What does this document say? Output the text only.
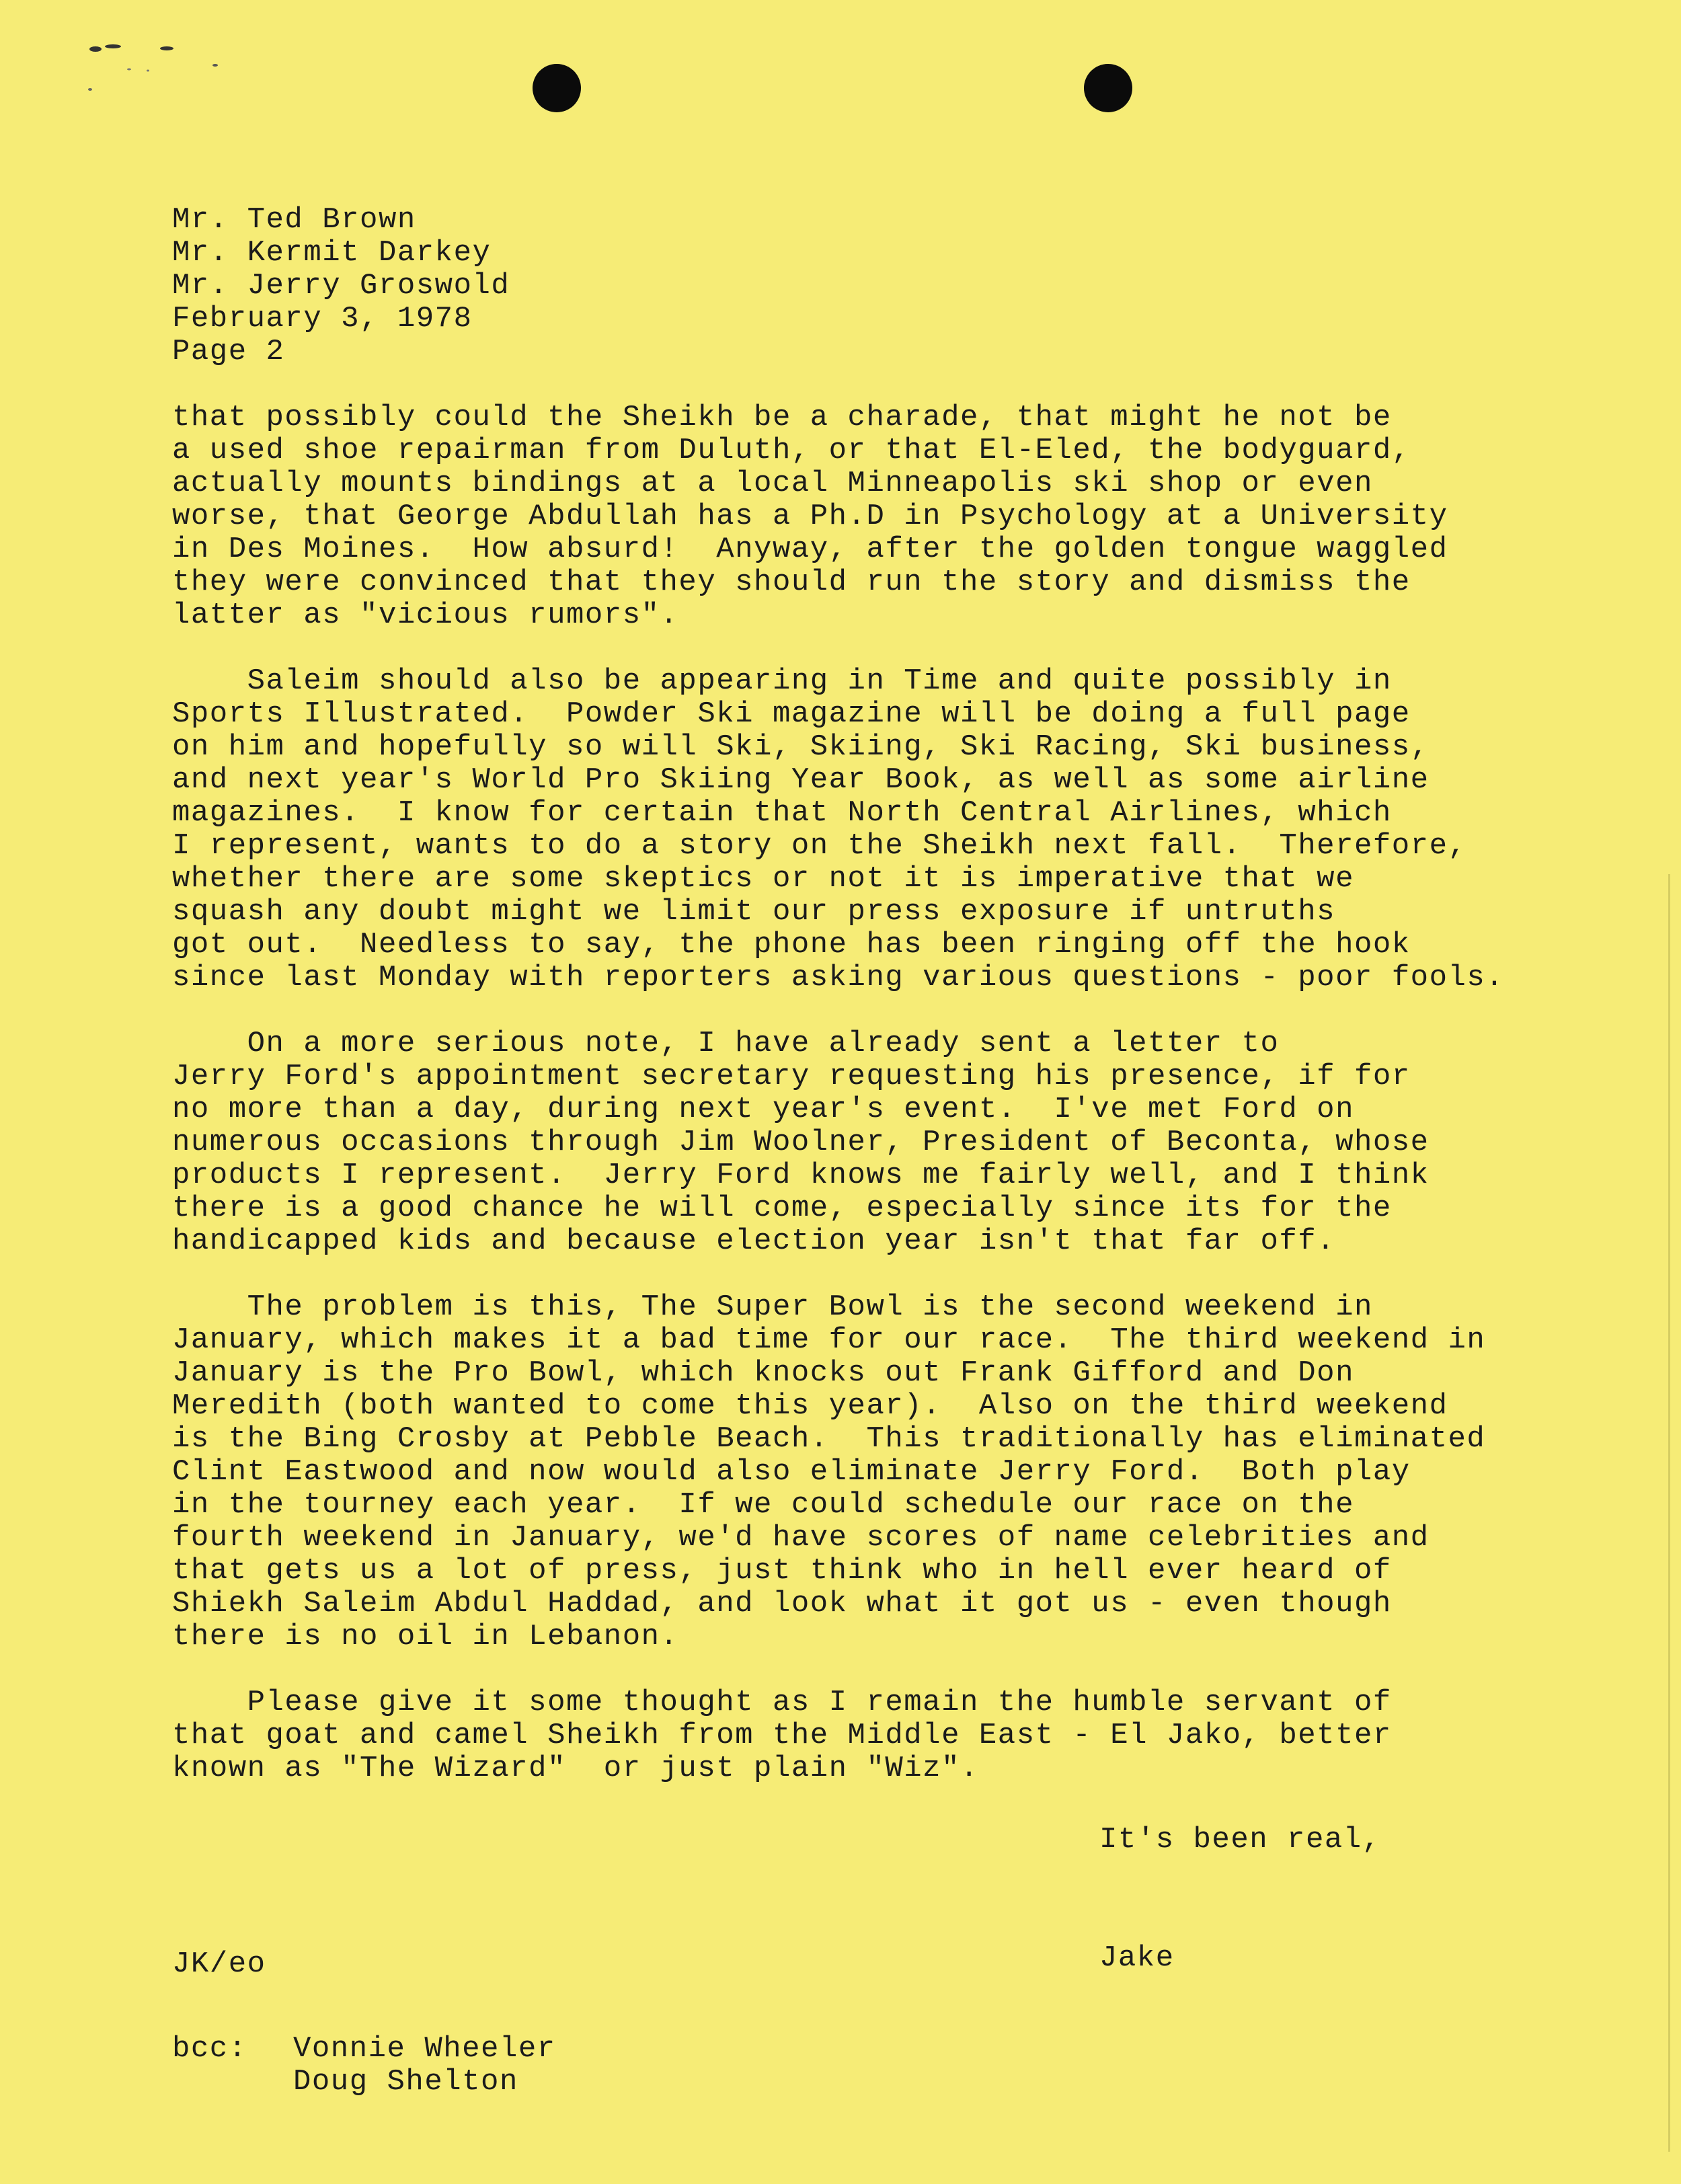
Mr. Ted Brown
Mr. Kermit Darkey
Mr. Jerry Groswold
February 3, 1978
Page 2
that possibly could the Sheikh be a charade, that might he not be
a used shoe repairman from Duluth, or that El-Eled, the bodyguard,
actually mounts bindings at a local Minneapolis ski shop or even
worse, that George Abdullah has a Ph.D in Psychology at a University
in Des Moines.  How absurd!  Anyway, after the golden tongue waggled
they were convinced that they should run the story and dismiss the
latter as "vicious rumors".
Saleim should also be appearing in Time and quite possibly in
Sports Illustrated.  Powder Ski magazine will be doing a full page
on him and hopefully so will Ski, Skiing, Ski Racing, Ski business,
and next year's World Pro Skiing Year Book, as well as some airline
magazines.  I know for certain that North Central Airlines, which
I represent, wants to do a story on the Sheikh next fall.  Therefore,
whether there are some skeptics or not it is imperative that we
squash any doubt might we limit our press exposure if untruths
got out.  Needless to say, the phone has been ringing off the hook
since last Monday with reporters asking various questions - poor fools.
On a more serious note, I have already sent a letter to
Jerry Ford's appointment secretary requesting his presence, if for
no more than a day, during next year's event.  I've met Ford on
numerous occasions through Jim Woolner, President of Beconta, whose
products I represent.  Jerry Ford knows me fairly well, and I think
there is a good chance he will come, especially since its for the
handicapped kids and because election year isn't that far off.
The problem is this, The Super Bowl is the second weekend in
January, which makes it a bad time for our race.  The third weekend in
January is the Pro Bowl, which knocks out Frank Gifford and Don
Meredith (both wanted to come this year).  Also on the third weekend
is the Bing Crosby at Pebble Beach.  This traditionally has eliminated
Clint Eastwood and now would also eliminate Jerry Ford.  Both play
in the tourney each year.  If we could schedule our race on the
fourth weekend in January, we'd have scores of name celebrities and
that gets us a lot of press, just think who in hell ever heard of
Shiekh Saleim Abdul Haddad, and look what it got us - even though
there is no oil in Lebanon.
Please give it some thought as I remain the humble servant of
that goat and camel Sheikh from the Middle East - El Jako, better
known as "The Wizard"  or just plain "Wiz".
It's been real,
JK/eo	Jake
bcc:	Vonnie Wheeler
Doug Shelton
